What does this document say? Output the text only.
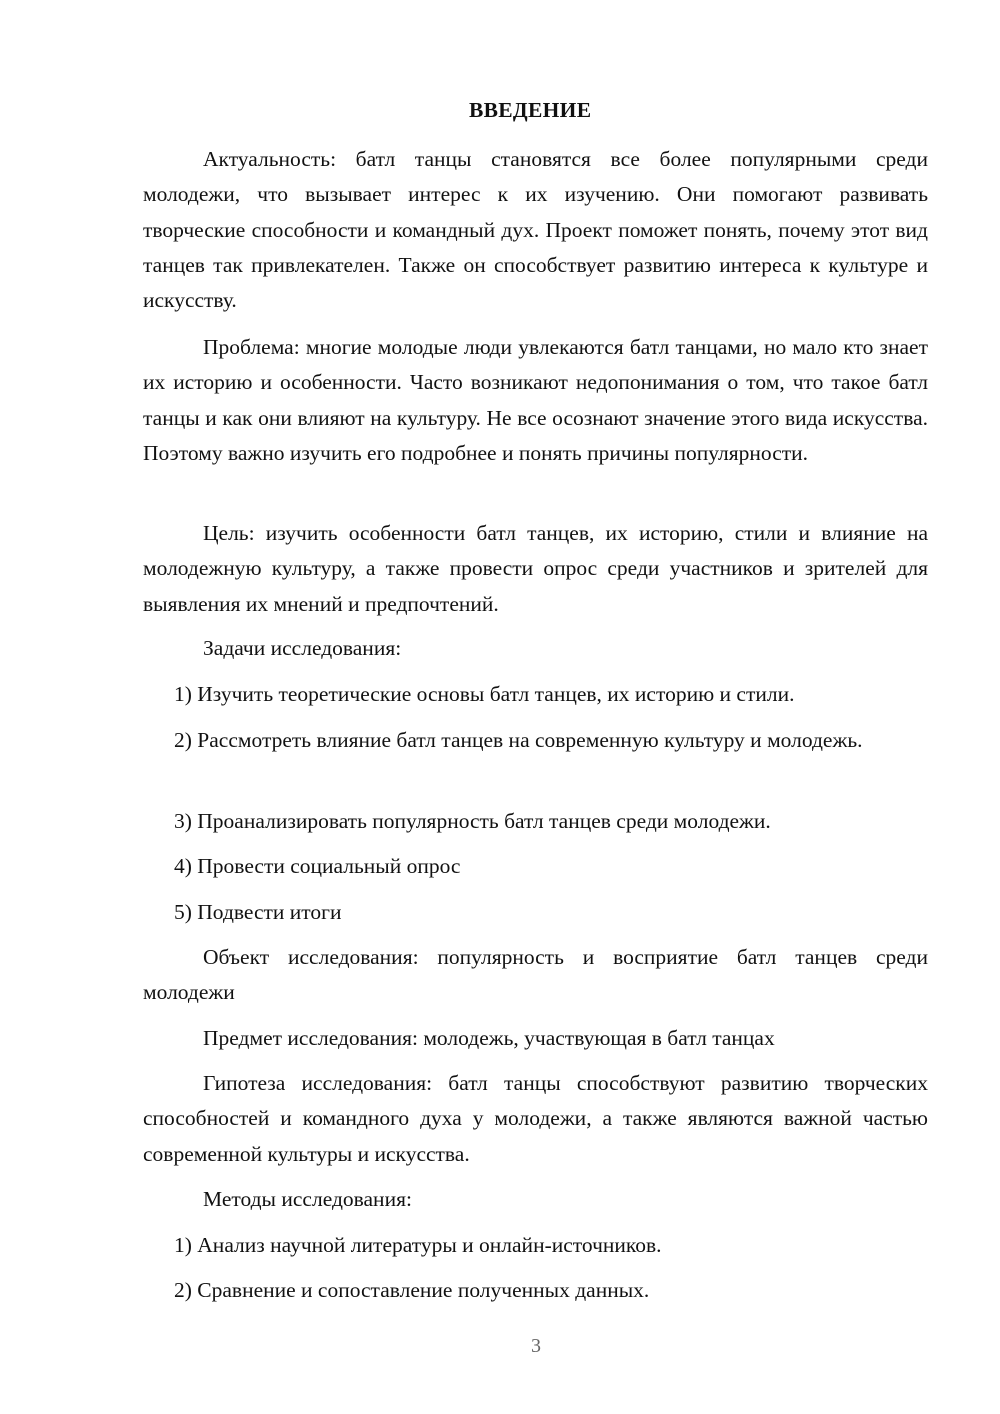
ВВЕДЕНИЕ

Актуальность: батл танцы становятся все более популярными среди молодежи, что вызывает интерес к их изучению. Они помогают развивать творческие способности и командный дух. Проект поможет понять, почему этот вид танцев так привлекателен. Также он способствует развитию интереса к культуре и искусству.

Проблема: многие молодые люди увлекаются батл танцами, но мало кто знает их историю и особенности. Часто возникают недопонимания о том, что такое батл танцы и как они влияют на культуру. Не все осознают значение этого вида искусства. Поэтому важно изучить его подробнее и понять причины популярности.

Цель: изучить особенности батл танцев, их историю, стили и влияние на молодежную культуру, а также провести опрос среди участников и зрителей для выявления их мнений и предпочтений.

Задачи исследования:

1) Изучить теоретические основы батл танцев, их историю и стили.

2) Рассмотреть влияние батл танцев на современную культуру и молодежь.

3) Проанализировать популярность батл танцев среди молодежи.

4) Провести социальный опрос

5) Подвести итоги

Объект исследования: популярность и восприятие батл танцев среди молодежи

Предмет исследования: молодежь, участвующая в батл танцах

Гипотеза исследования: батл танцы способствуют развитию творческих способностей и командного духа у молодежи, а также являются важной частью современной культуры и искусства.

Методы исследования:

1) Анализ научной литературы и онлайн-источников.

2) Сравнение и сопоставление полученных данных.

3
